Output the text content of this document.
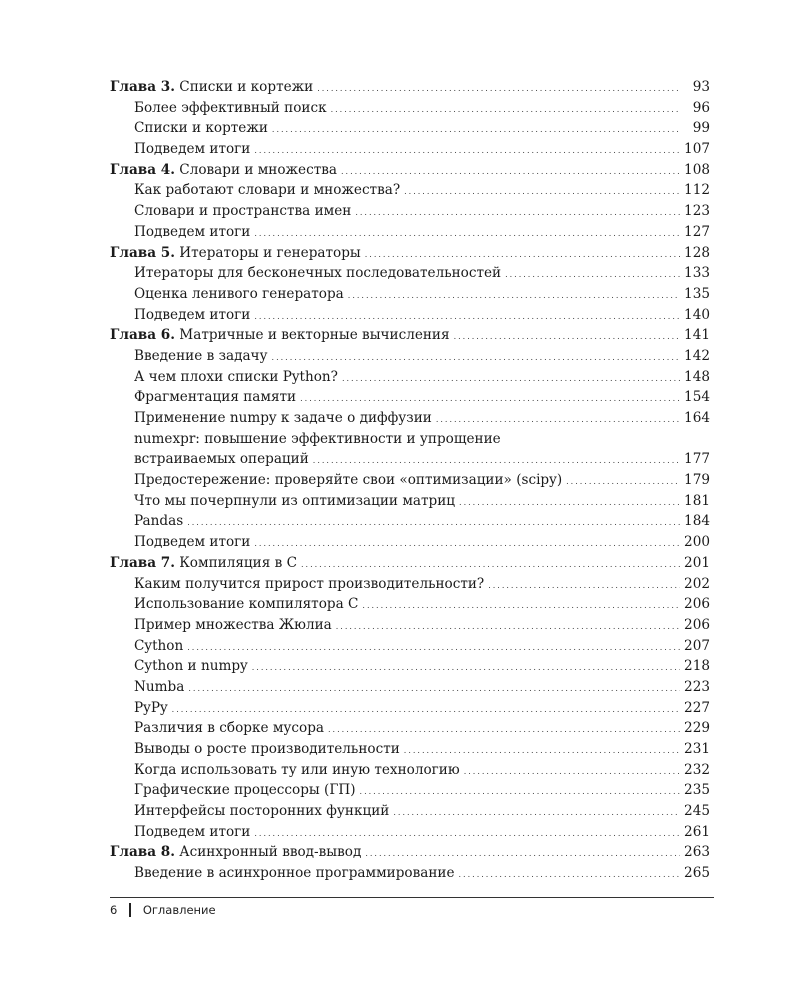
Глава 3. Списки и кортежи .....	93
Более эффективный поиск .....	96
Списки и кортежи .....	99
Подведем итоги .....	107
Глава 4. Словари и множества .....	108
Как работают словари и множества? .....	112
Словари и пространства имен .....	123
Подведем итоги .....	127
Глава 5. Итераторы и генераторы .....	128
Итераторы для бесконечных последовательностей .....	133
Оценка ленивого генератора .....	135
Подведем итоги .....	140
Глава 6. Матричные и векторные вычисления .....	141
Введение в задачу .....	142
А чем плохи списки Python? .....	148
Фрагментация памяти .....	154
Применение numpy к задаче о диффузии .....	164
numexpr: повышение эффективности и упрощение
встраиваемых операций .....	177
Предостережение: проверяйте свои «оптимизации» (scipy) .....	179
Что мы почерпнули из оптимизации матриц .....	181
Pandas .....	184
Подведем итоги .....	200
Глава 7. Компиляция в C .....	201
Каким получится прирост производительности? .....	202
Использование компилятора C .....	206
Пример множества Жюлиа .....	206
Cython .....	207
Cython и numpy .....	218
Numba .....	223
PyPy .....	227
Различия в сборке мусора .....	229
Выводы о росте производительности .....	231
Когда использовать ту или иную технологию .....	232
Графические процессоры (ГП) .....	235
Интерфейсы посторонних функций .....	245
Подведем итоги .....	261
Глава 8. Асинхронный ввод-вывод .....	263
Введение в асинхронное программирование .....	265
6 Оглавление
